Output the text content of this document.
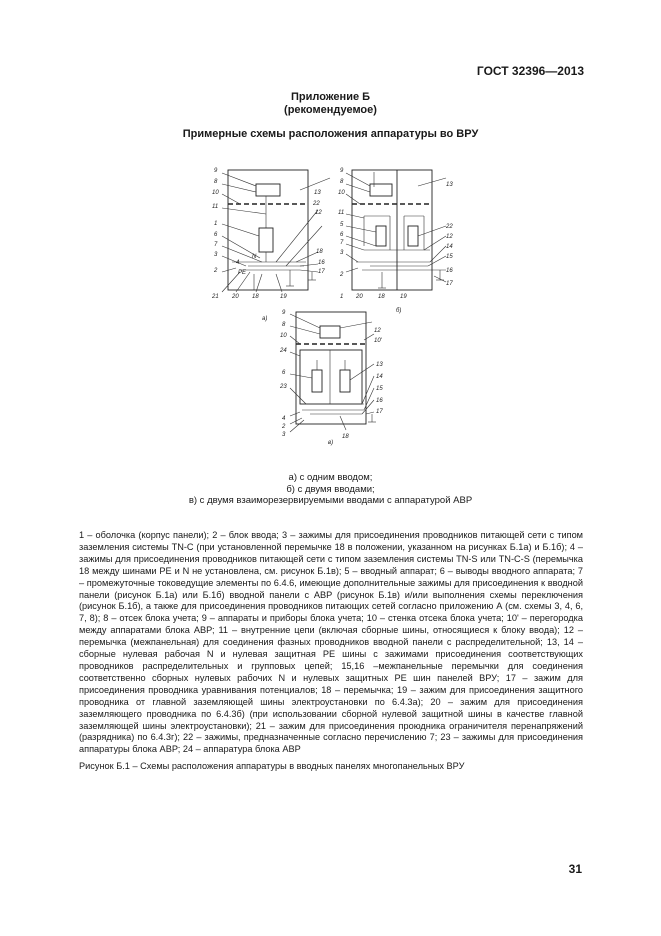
ГОСТ 32396—2013
Приложение Б
(рекомендуемое)
Примерные схемы расположения аппаратуры во ВРУ
9
8
10
11
1
6
7
3
2
4
N
РЕ
21 20 18	19
13
22
12
18
16
17
а)
9
8
10
11
5
6
7
3
2
1 20	18	19
13
22
12
14
15
16
17
б)
9
8
10
24
6
23
4
2
3	18
12
10'
13
14
15
16
17
в)
а) с одним вводом;
б) с двумя вводами;
в) с двумя взаиморезервируемыми вводами с аппаратурой АВР

1 – оболочка (корпус панели); 2 – блок ввода; 3 – зажимы для присоединения проводников питающей сети с типом заземления системы TN-C (при установленной перемычке 18 в положении, указанном на рисунках Б.1а) и Б.1б); 4 – зажимы для присоединения проводников питающей сети с типом заземления системы TN-S или TN-C-S (перемычка 18 между шинами РЕ и N не установлена, см. рисунок Б.1в); 5 – вводный аппарат; 6 – выводы вводного аппарата; 7 – промежуточные токоведущие элементы по 6.4.6, имеющие дополнительные зажимы для присоединения к вводной панели (рисунок Б.1а) или Б.1б) вводной панели с АВР (рисунок Б.1в) и/или выполнения схемы переключения (рисунок Б.1б), а также для присоединения проводников питающих сетей согласно приложению А (см. схемы 3, 4, 6, 7, 8); 8 – отсек блока учета; 9 – аппараты и приборы блока учета; 10 – стенка отсека блока учета; 10' – перегородка между аппаратами блока АВР; 11 – внутренние цепи (включая сборные шины, относящиеся к блоку ввода); 12 – перемычка (межпанельная) для соединения фазных проводников вводной панели с распределительной; 13, 14 – сборные нулевая рабочая N и нулевая защитная РЕ шины с зажимами присоединения соответствующих проводников распределительных и групповых цепей; 15,16 –межпанельные перемычки для соединения соответственно сборных нулевых рабочих N и нулевых защитных РЕ шин панелей ВРУ; 17 – зажим для присоединения проводника уравнивания потенциалов; 18 – перемычка; 19 – зажим для присоединения защитного проводника от главной заземляющей шины электроустановки по 6.4.3а); 20 – зажим для присоединения заземляющего проводника по 6.4.3б) (при использовании сборной нулевой защитной шины в качестве главной заземляющей шины электроустановки); 21 – зажим для присоединения проюдника ограничителя перенапряжений (разрядника) по 6.4.3г); 22 – зажимы, предназначенные согласно перечислению 7; 23 – зажимы для присоединения аппаратуры блока АВР; 24 – аппаратура блока АВР

Рисунок Б.1 – Схемы расположения аппаратуры в вводных панелях многопанельных ВРУ
31
